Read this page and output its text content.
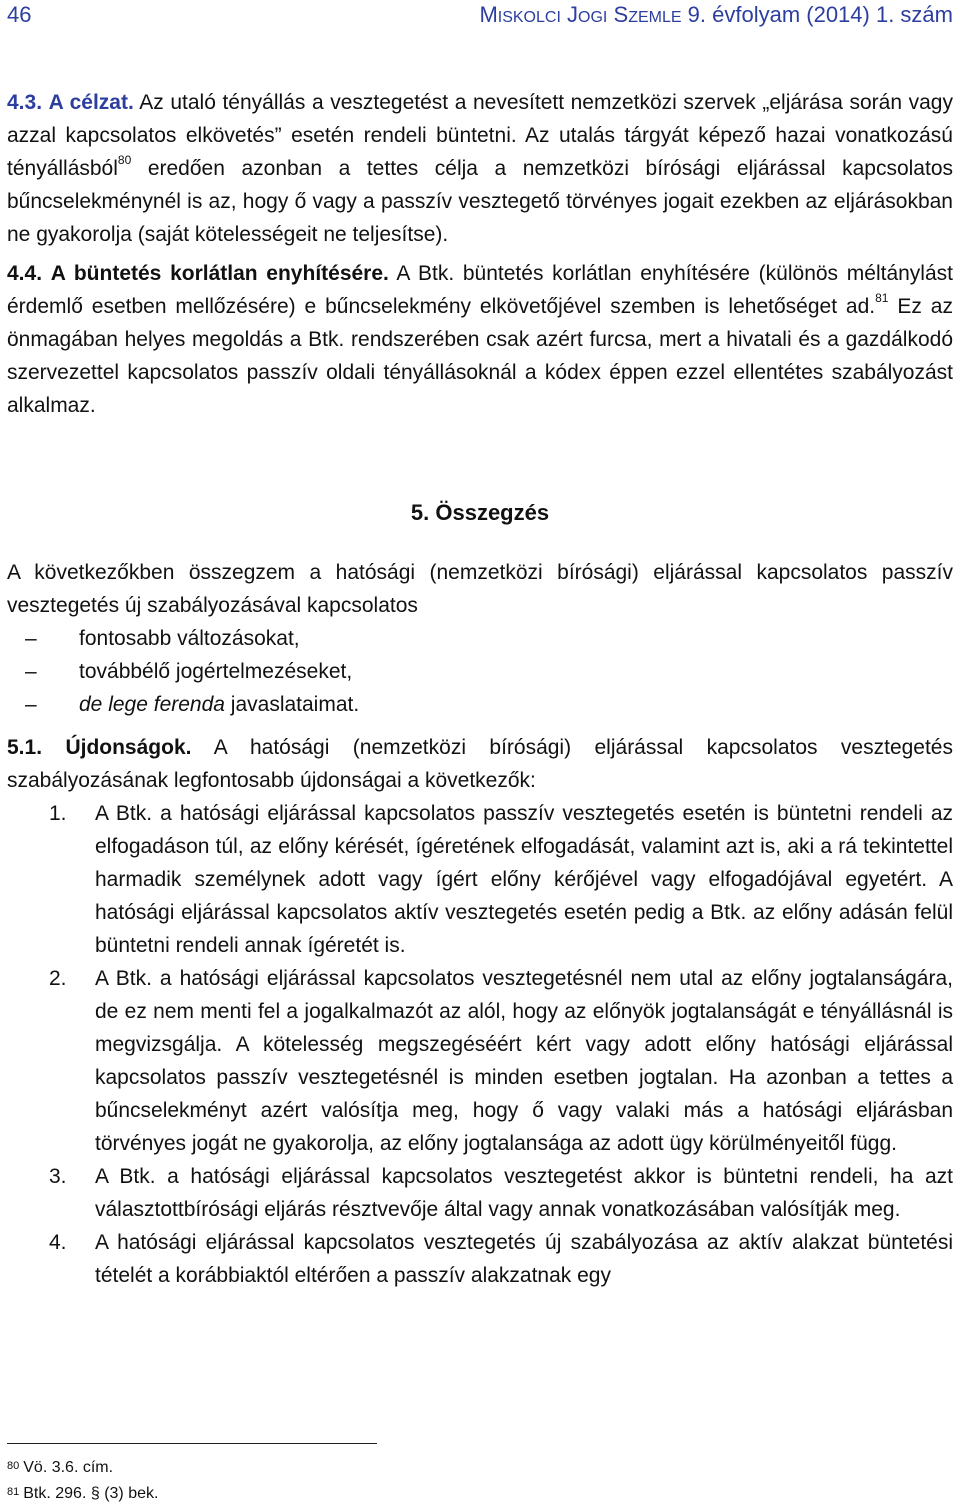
46	MISKOLCI JOGI SZEMLE 9. évfolyam (2014) 1. szám

4.3. A célzat. Az utaló tényállás a vesztegetést a nevesített nemzetközi szervek „eljárása során vagy azzal kapcsolatos elkövetés” esetén rendeli büntetni. Az utalás tárgyát képező hazai vonatkozású tényállásból$^{80}$ eredően azonban a tettes célja a nemzetközi bírósági eljárással kapcsolatos bűncselekménynél is az, hogy ő vagy a passzív vesztegető törvényes jogait ezekben az eljárásokban ne gyakorolja (saját kötelességeit ne teljesítse).

4.4. A büntetés korlátlan enyhítésére. A Btk. büntetés korlátlan enyhítésére (különös méltánylást érdemlő esetben mellőzésére) e bűncselekmény elkövetőjével szemben is lehetőséget ad.$^{81}$ Ez az önmagában helyes megoldás a Btk. rendszerében csak azért furcsa, mert a hivatali és a gazdálkodó szervezettel kapcsolatos passzív oldali tényállásoknál a kódex éppen ezzel ellentétes szabályozást alkalmaz.

5. Összegzés

A következőkben összegzem a hatósági (nemzetközi bírósági) eljárással kapcsolatos passzív vesztegetés új szabályozásával kapcsolatos

– fontosabb változásokat,
– továbbélő jogértelmezéseket,
– de lege ferenda javaslataimat.

5.1. Újdonságok. A hatósági (nemzetközi bírósági) eljárással kapcsolatos vesztegetés szabályozásának legfontosabb újdonságai a következők:

1. A Btk. a hatósági eljárással kapcsolatos passzív vesztegetés esetén is büntetni rendeli az elfogadáson túl, az előny kérését, ígéretének elfogadását, valamint azt is, aki a rá tekintettel harmadik személynek adott vagy ígért előny kérőjével vagy elfogadójával egyetért. A hatósági eljárással kapcsolatos aktív vesztegetés esetén pedig a Btk. az előny adásán felül büntetni rendeli annak ígéretét is.
2. A Btk. a hatósági eljárással kapcsolatos vesztegetésnél nem utal az előny jogtalanságára, de ez nem menti fel a jogalkalmazót az alól, hogy az előnyök jogtalanságát e tényállásnál is megvizsgálja. A kötelesség megszegéséért kért vagy adott előny hatósági eljárással kapcsolatos passzív vesztegetésnél is minden esetben jogtalan. Ha azonban a tettes a bűncselekményt azért valósítja meg, hogy ő vagy valaki más a hatósági eljárásban törvényes jogát ne gyakorolja, az előny jogtalansága az adott ügy körülményeitől függ.
3. A Btk. a hatósági eljárással kapcsolatos vesztegetést akkor is büntetni rendeli, ha azt választottbírósági eljárás résztvevője által vagy annak vonatkozásában valósítják meg.
4. A hatósági eljárással kapcsolatos vesztegetés új szabályozása az aktív alakzat büntetési tételét a korábbiaktól eltérően a passzív alakzatnak egy
$^{80}$ Vö. 3.6. cím.
$^{81}$ Btk. 296. § (3) bek.
